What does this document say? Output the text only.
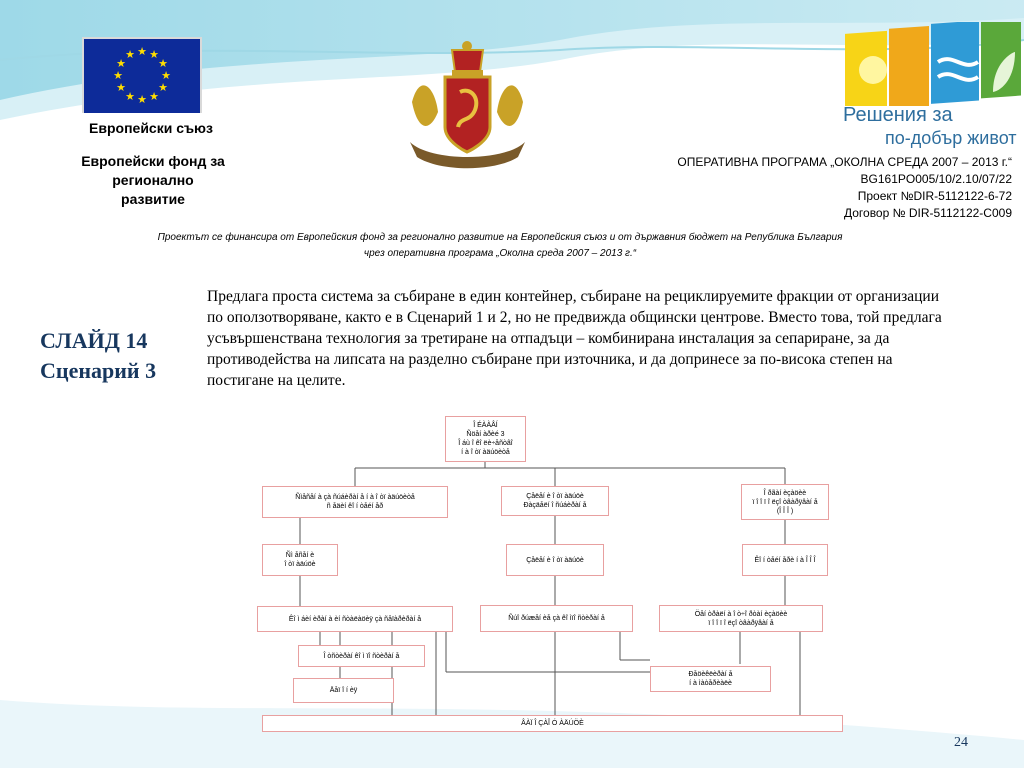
★ ★
★
★
★
★
★
★
★
★
★
★
Европейски съюз
Европейски фонд за регионално развитие
Решения за
по-добър живот
ОПЕРАТИВНА ПРОГРАМА „ОКОЛНА СРЕДА 2007 – 2013 г.“
BG161PO005/10/2.10/07/22
Проект №DIR-5112122-6-72
Договор № DIR-5112122-C009
Проектът се финансира от Европейския фонд за регионално развитие на Европейския съюз и от държавния бюджет на Република България чрез оперативна програма „Околна среда 2007 – 2013 г.“
СЛАЙД 14
Сценарий 3
Предлага проста система за събиране в един контейнер, събиране на рециклируемите фракции от организации по оползотворяване, както е в Сценарий 1 и 2, но не предвижда общински центрове. Вместо това, той предлага усъвършенствана технология за третиране на отпадъци – комбинирана инсталация за сепариране, за да противодейства на липсата на разделно събиране при източника, и да допринесе за по-висока степен на постигане на целите.
Î ÉÀÀÂÍ
Ñöåí àðèé 3
Î áù î êî ëè÷åñòâî
í à î òï àäúöèòå
Ñìåñåí à çà ñúáèðàí å í à î òï àäúöèòå
ñ åäèí êî í òåéí åð
Çåëåí è î òï àäúöè
Ðàçäåëí î ñúáèðàí å
Î ðãàí èçàöèè
ï î î ï î ëçî òâàðÿâàí å
(Î Î Î )
Ñì åñåí è
î òï àäúöè
Çåëåí è î òï àäúöè	Êî í òåéí åðè í à Î Î Î
Êî ì áèí èðàí à èí ñòàëàöèÿ çà ñåïàðèðàí å	Ñúî ðúæåí èå çà êî ìïî ñòèðàí å
Öåí òðàëí à î ò÷î ðòàí èçàöèè
ï î î ï î ëçî òâàðÿâàí å
Î òñòèðàí êî ì ïî ñòèðàí å
Äåï î í èÿ
Ðåöèêëèðàí å
í à ìàòåðèàëè
ÂÀÏ Î ÇÀÎ Ó ÀÄÚÖÈ
24
